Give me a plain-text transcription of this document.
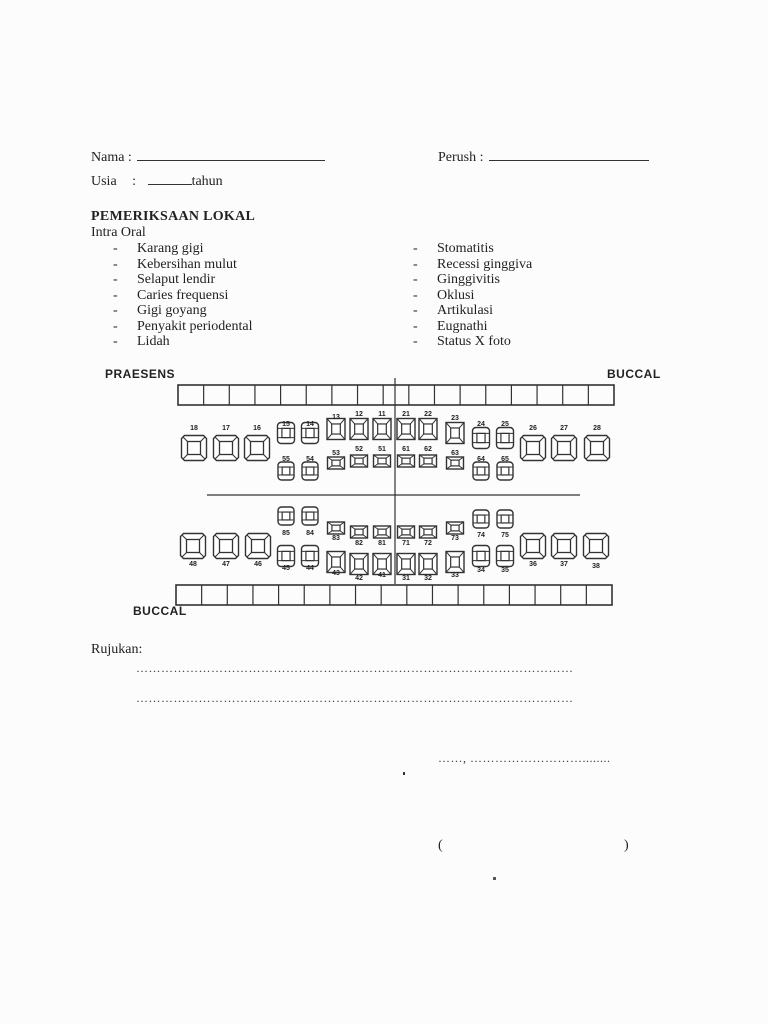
Nama :	Perush :
Usia :	tahun
PEMERIKSAAN LOKAL
Intra Oral
- Karang gigi
- Kebersihan mulut
- Selaput lendir
- Caries frequensi
- Gigi goyang
- Penyakit periodental
- Lidah
- Stomatitis
- Recessi ginggiva
- Ginggivitis
- Oklusi
- Artikulasi
- Eugnathi
- Status X foto
PRAESENS	BUCCAL
BUCCAL
18	17	16
15 14
13 12 11 21 22
23
24 25
26	27	28
55 54
53
52 51 61 62
63
64 65
85 84
83
82 81 71 72
73	74 75
48	47	46
45 44
43
42 41 31 32	33
34 35
36	37	38
Rujukan:
……………………………………………………………………………………………
……………………………………………………………………………………………
……, ………………………........
(	)
